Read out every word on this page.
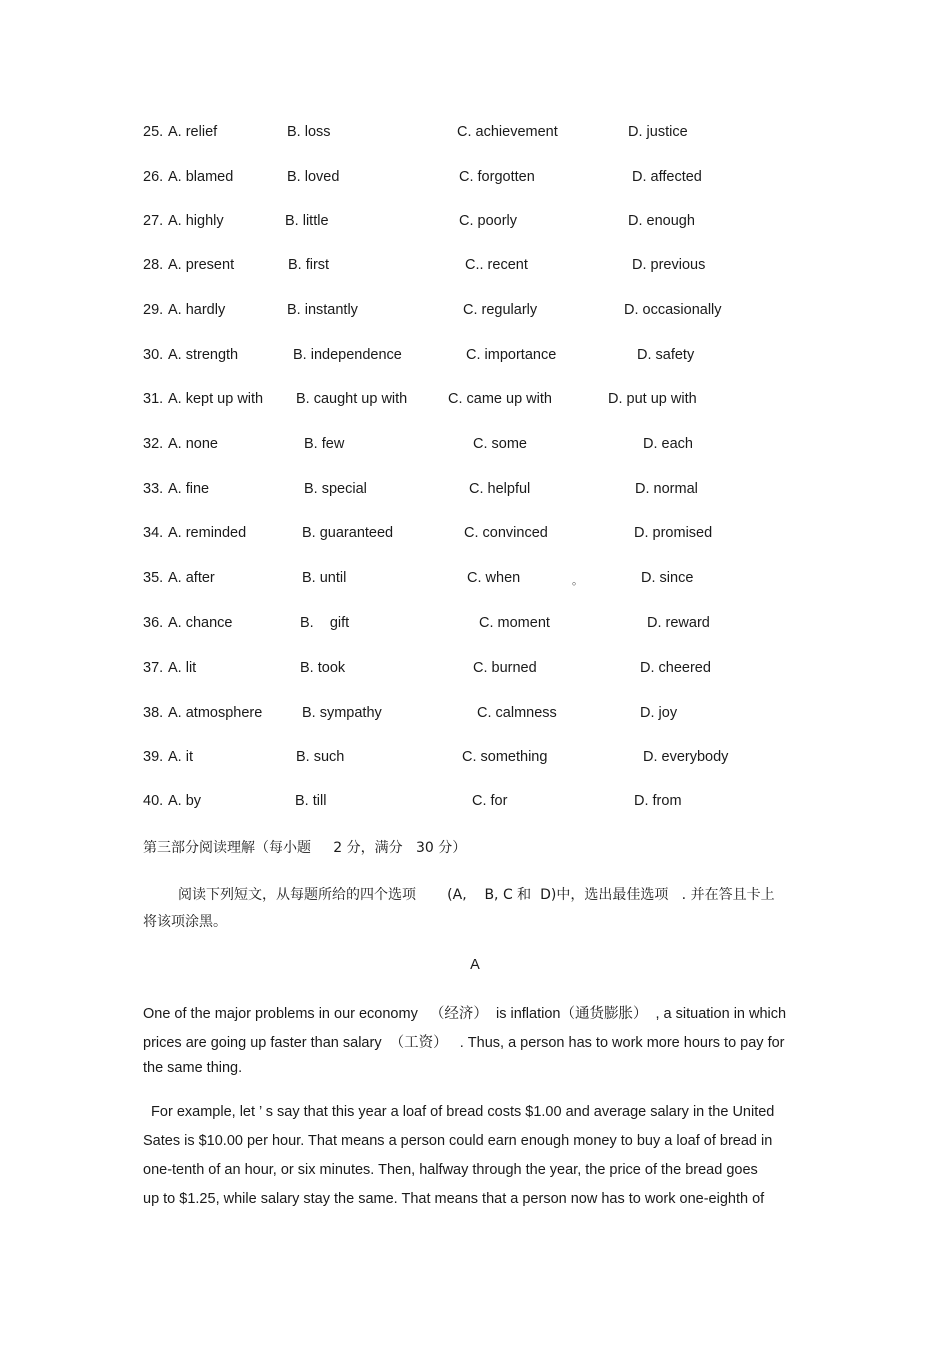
25. A. relief	B. loss	C. achievement	D. justice
26. A. blamed	B. loved	C. forgotten	D. affected
27. A. highly	B. little	C. poorly	D. enough
28. A. present	B. first	C.. recent	D. previous
29. A. hardly	B. instantly	C. regularly	D. occasionally
30. A. strength	B. independence	C. importance	D. safety
31. A. kept up with B. caught up with	C. came up with	D. put up with
32. A. none	B. few	C. some	D. each
33. A. fine	B. special	C. helpful	D. normal
34. A. reminded	B. guaranteed	C. convinced	D. promised
35. A. after	B. until	C. when	。	D. since
36. A. chance	B.    gift	C. moment	D. reward
37. A. lit	B. took	C. burned	D. cheered
38. A. atmosphere	B. sympathy	C. calmness	D. joy
39. A. it	B. such	C. something	D. everybody
40. A. by	B. till	C. for	D. from
第三部分阅读理解（每小题     2 分，满分   30 分）
阅读下列短文，从每题所给的四个选项       (A,    B, C 和  D)中，选出最佳选项   . 并在答且卡上
将该项涂黑。
A
One of the major problems in our economy   （经济）  is inflation（通货膨胀）  , a situation in which
prices are going up faster than salary  （工资）   . Thus, a person has to work more hours to pay for
the same thing.
For example, let ’ s say that this year a loaf of bread costs $1.00 and average salary in the United
Sates is $10.00 per hour. That means a person could earn enough money to buy a loaf of bread in
one-tenth of an hour, or six minutes. Then, halfway through the year, the price of the bread goes
up to $1.25, while salary stay the same. That means that a person now has to work one-eighth of
